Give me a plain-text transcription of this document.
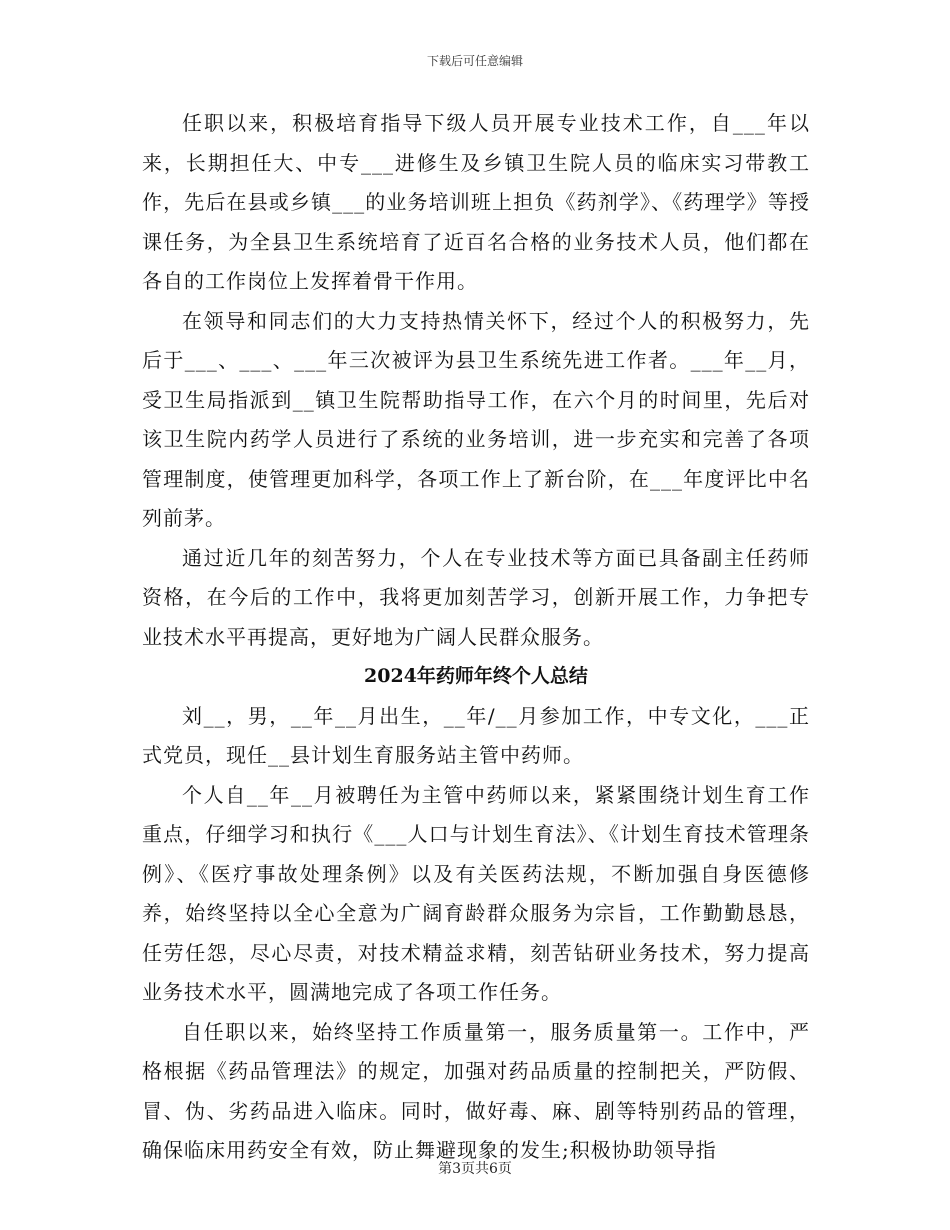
下载后可任意编辑

任职以来，积极培育指导下级人员开展专业技术工作，自___年以来，长期担任大、中专___进修生及乡镇卫生院人员的临床实习带教工作，先后在县或乡镇___的业务培训班上担负《药剂学》、《药理学》等授课任务，为全县卫生系统培育了近百名合格的业务技术人员，他们都在各自的工作岗位上发挥着骨干作用。

在领导和同志们的大力支持热情关怀下，经过个人的积极努力，先后于___、___、___年三次被评为县卫生系统先进工作者。___年__月，受卫生局指派到__镇卫生院帮助指导工作，在六个月的时间里，先后对该卫生院内药学人员进行了系统的业务培训，进一步充实和完善了各项管理制度，使管理更加科学，各项工作上了新台阶，在___年度评比中名列前茅。

通过近几年的刻苦努力，个人在专业技术等方面已具备副主任药师资格，在今后的工作中，我将更加刻苦学习，创新开展工作，力争把专业技术水平再提高，更好地为广阔人民群众服务。

2024年药师年终个人总结

刘__，男，__年__月出生，__年/__月参加工作，中专文化，___正式党员，现任__县计划生育服务站主管中药师。

个人自__年__月被聘任为主管中药师以来，紧紧围绕计划生育工作重点，仔细学习和执行《___人口与计划生育法》、《计划生育技术管理条例》、《医疗事故处理条例》以及有关医药法规，不断加强自身医德修养，始终坚持以全心全意为广阔育龄群众服务为宗旨，工作勤勤恳恳，任劳任怨，尽心尽责，对技术精益求精，刻苦钻研业务技术，努力提高业务技术水平，圆满地完成了各项工作任务。

自任职以来，始终坚持工作质量第一，服务质量第一。工作中，严格根据《药品管理法》的规定，加强对药品质量的控制把关，严防假、冒、伪、劣药品进入临床。同时，做好毒、麻、剧等特别药品的管理，确保临床用药安全有效，防止舞避现象的发生;积极协助领导指

第3页共6页
